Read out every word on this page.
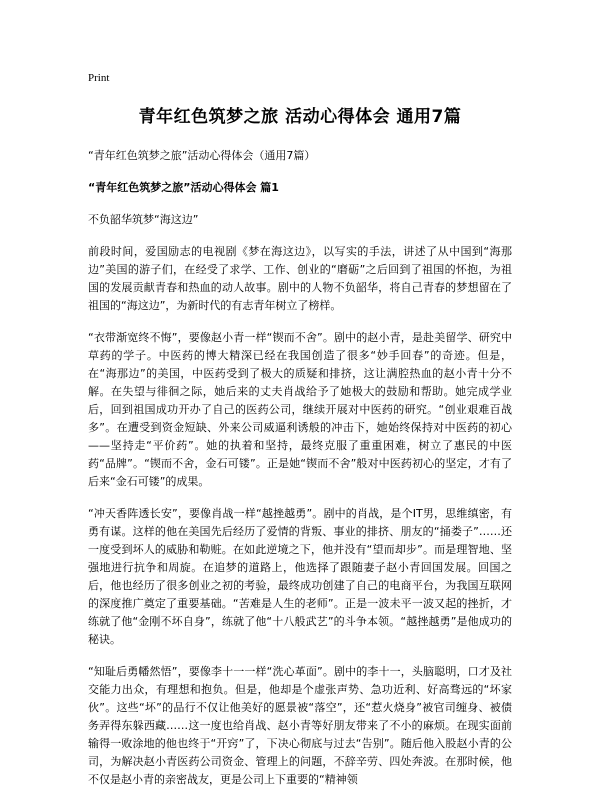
Print
青年红色筑梦之旅 活动心得体会 通用7篇

“青年红色筑梦之旅”活动心得体会（通用7篇）

“青年红色筑梦之旅”活动心得体会 篇1

不负韶华筑梦“海这边”

前段时间，爱国励志的电视剧《梦在海这边》，以写实的手法，讲述了从中国到“海那边”美国的游子们，在经受了求学、工作、创业的“磨砺”之后回到了祖国的怀抱，为祖国的发展贡献青春和热血的动人故事。剧中的人物不负韶华，将自己青春的梦想留在了祖国的“海这边”，为新时代的有志青年树立了榜样。

“衣带渐宽终不悔”，要像赵小青一样“锲而不舍”。剧中的赵小青，是赴美留学、研究中草药的学子。中医药的博大精深已经在我国创造了很多“妙手回春”的奇迹。但是，在“海那边”的美国，中医药受到了极大的质疑和排挤，这让满腔热血的赵小青十分不解。在失望与徘徊之际，她后来的丈夫肖战给予了她极大的鼓励和帮助。她完成学业后，回到祖国成功开办了自己的医药公司，继续开展对中医药的研究。“创业艰难百战多”。在遭受到资金短缺、外来公司威逼利诱般的冲击下，她始终保持对中医药的初心——坚持走“平价药”。她的执着和坚持，最终克服了重重困难，树立了惠民的中医药“品牌”。“锲而不舍，金石可镂”。正是她“锲而不舍”般对中医药初心的坚定，才有了后来“金石可镂”的成果。

“冲天香阵透长安”，要像肖战一样“越挫越勇”。剧中的肖战，是个IT男，思维缜密，有勇有谋。这样的他在美国先后经历了爱情的背叛、事业的排挤、朋友的“捅娄子”……还一度受到坏人的威胁和勒赃。在如此逆境之下，他并没有“望而却步”。而是理智地、坚强地进行抗争和周旋。在追梦的道路上，他选择了跟随妻子赵小青回国发展。回国之后，他也经历了很多创业之初的考验，最终成功创建了自己的电商平台，为我国互联网的深度推广奠定了重要基础。“苦难是人生的老师”。正是一波未平一波又起的挫折，才练就了他“金刚不坏自身”，练就了他“十八般武艺”的斗争本领。“越挫越勇”是他成功的秘诀。

“知耻后勇幡然悟”，要像李十一一样“洗心革面”。剧中的李十一，头脑聪明，口才及社交能力出众，有理想和抱负。但是，他却是个虚张声势、急功近利、好高骛远的“坏家伙”。这些“坏”的品行不仅让他美好的愿景被“落空”，还“惹火烧身”被官司缠身、被债务弄得东躲西藏……这一度也给肖战、赵小青等好朋友带来了不小的麻烦。在现实面前输得一败涂地的他也终于“开窍”了，下决心彻底与过去“告别”。随后他入股赵小青的公司，为解决赵小青医药公司资金、管理上的问题，不辞辛劳、四处奔波。在那时候，他不仅是赵小青的亲密战友，更是公司上下重要的“精神领
